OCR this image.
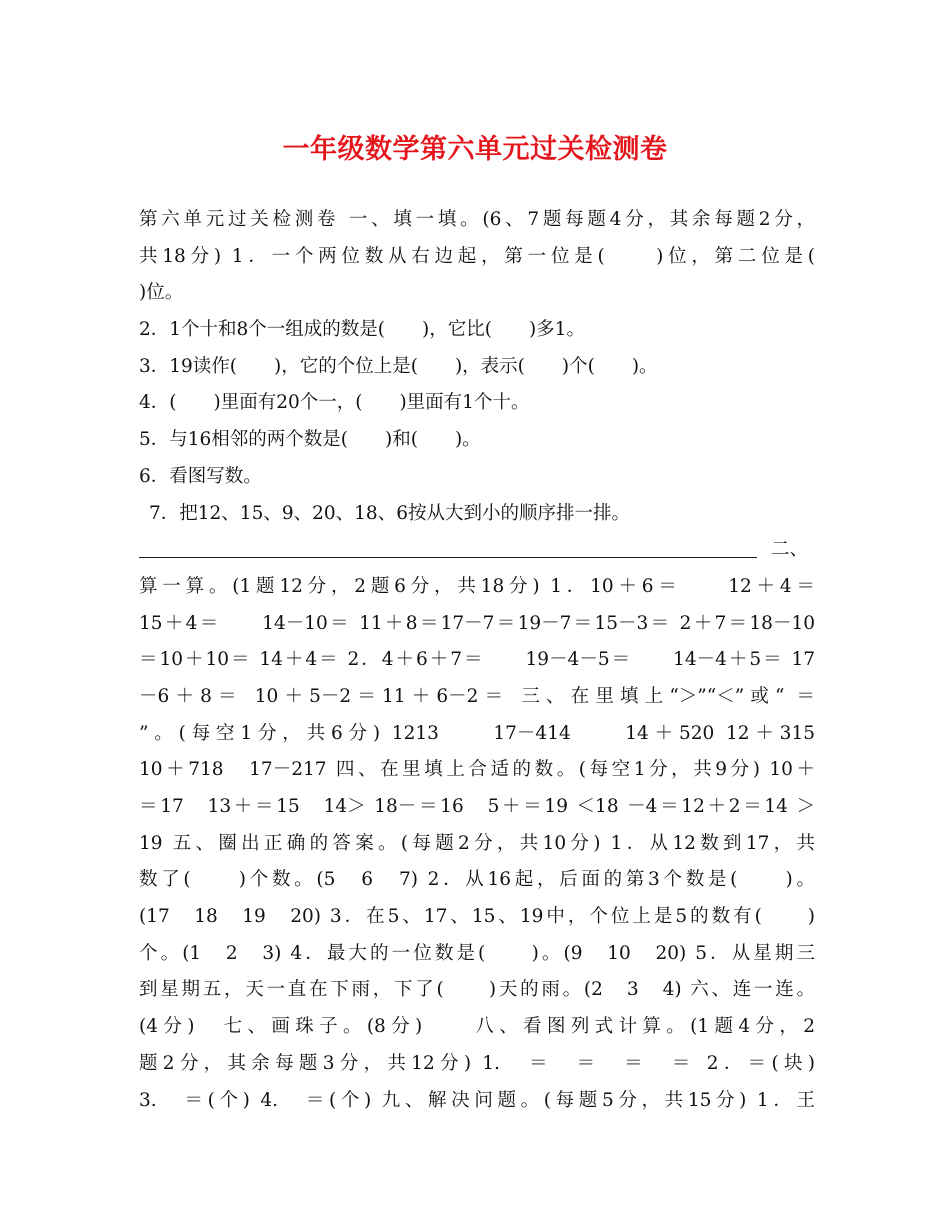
一年级数学第六单元过关检测卷
第六单元过关检测卷 一、填一填。(6、7题每题4分，其余每题2分，
共18分) 1．一个两位数从右边起，第一位是(　　)位，第二位是(
)位。
2．1个十和8个一组成的数是(　　)，它比(　　)多1。
3．19读作(　　)，它的个位上是(　　)，表示(　　)个(　　)。
4．(　　)里面有20个一，(　　)里面有1个十。
5．与16相邻的两个数是(　　)和(　　)。
6．看图写数。
7．把12、15、9、20、18、6按从大到小的顺序排一排。
二、
算一算。(1题12分，2题6分，共18分) 1．10＋6＝　　12＋4＝
15＋4＝　　14－10＝ 11＋8＝17－7＝19－7＝15－3＝ 2＋7＝18－10
＝10＋10＝ 14＋4＝ 2．4＋6＋7＝　　19－4－5＝　　14－4＋5＝ 17
－6＋8＝ 10＋5－2＝11＋6－2＝ 三、在里填上“＞”“＜”或“ ＝
”。(每空1分，共6分) 1213　　17－414　　14＋520 12＋315
10＋718　17－217 四、在里填上合适的数。(每空1分，共9分) 10＋
＝17　13＋＝15　14＞ 18－＝16　5＋＝19 ＜18 －4＝12＋2＝14 ＞
19 五、圈出正确的答案。(每题2分，共10分) 1．从12数到17，共
数了(　　)个数。(5　6　7) 2．从16起，后面的第3个数是(　　)。
(17　18　19　20) 3．在5、17、15、19中，个位上是5的数有(　　)
个。(1　2　3) 4．最大的一位数是(　　)。(9　10　20) 5．从星期三
到星期五，天一直在下雨，下了(　　)天的雨。(2　3　4) 六、连一连。
(4分)　七、画珠子。(8分)　　八、看图列式计算。(1题4分，2
题2分，其余每题3分，共12分) 1.　＝　＝　＝　＝ 2．＝(块)
3.　＝(个) 4.　＝(个) 九、解决问题。(每题5分，共15分) 1．王
